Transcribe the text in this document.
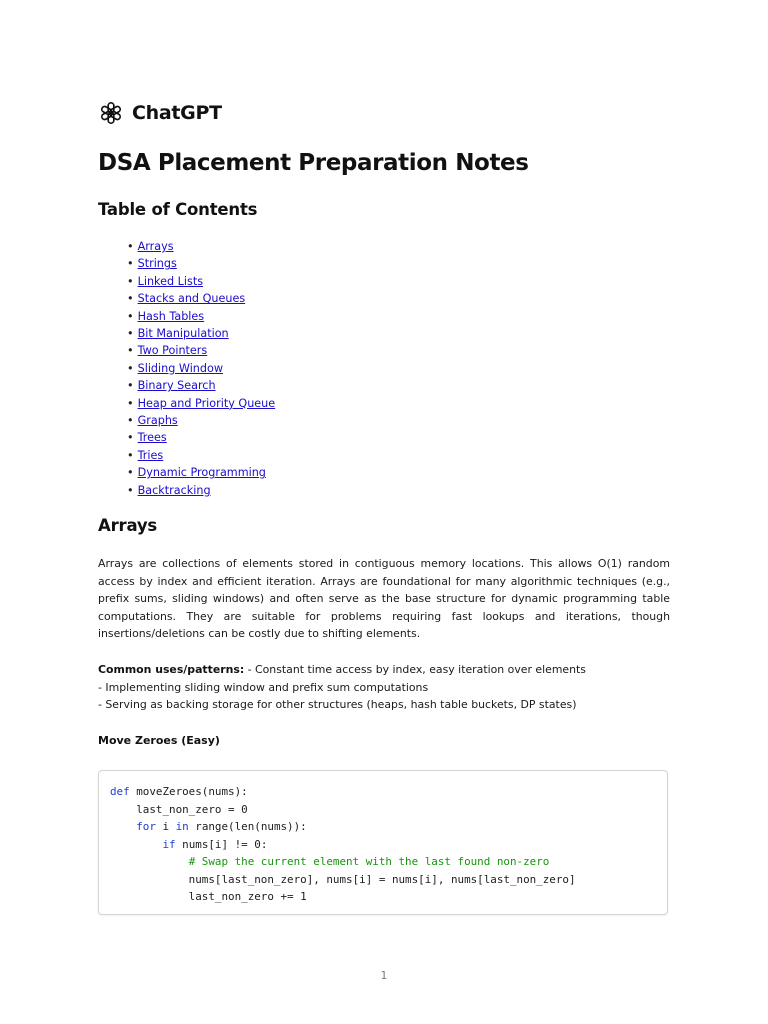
ChatGPT
DSA Placement Preparation Notes
Table of Contents
• Arrays
• Strings
• Linked Lists
• Stacks and Queues
• Hash Tables
• Bit Manipulation
• Two Pointers
• Sliding Window
• Binary Search
• Heap and Priority Queue
• Graphs
• Trees
• Tries
• Dynamic Programming
• Backtracking
Arrays

Arrays are collections of elements stored in contiguous memory locations. This allows O(1) random access by index and efficient iteration. Arrays are foundational for many algorithmic techniques (e.g., prefix sums, sliding windows) and often serve as the base structure for dynamic programming table computations. They are suitable for problems requiring fast lookups and iterations, though insertions/deletions can be costly due to shifting elements.

Common uses/patterns: - Constant time access by index, easy iteration over elements
- Implementing sliding window and prefix sum computations
- Serving as backing storage for other structures (heaps, hash table buckets, DP states)
Move Zeroes (Easy)
def moveZeroes(nums):
last_non_zero = 0
for i in range(len(nums)):
if nums[i] != 0:
# Swap the current element with the last found non-zero
nums[last_non_zero], nums[i] = nums[i], nums[last_non_zero]
last_non_zero += 1
1
